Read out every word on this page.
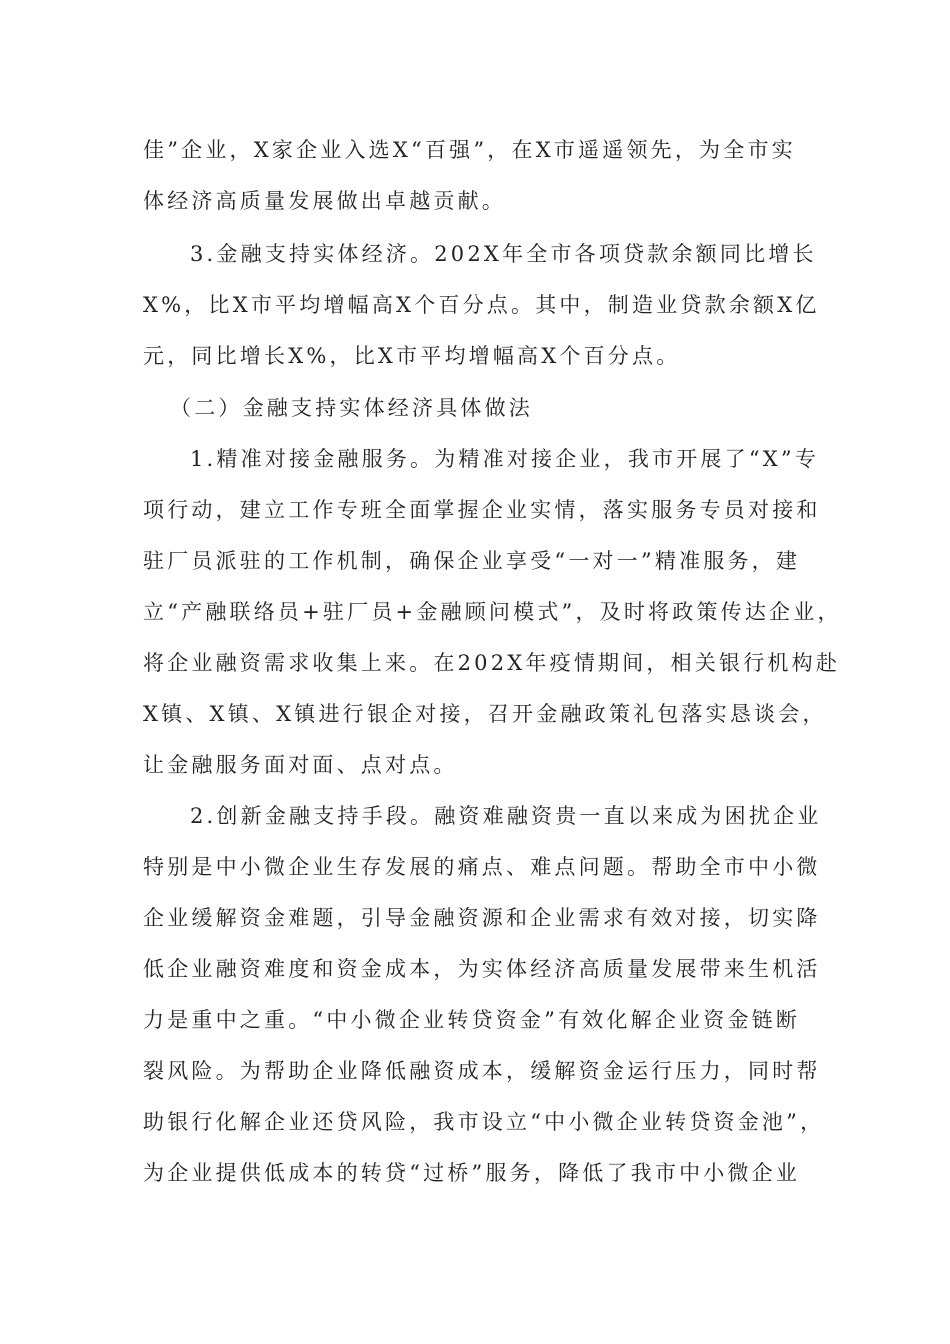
佳”企业，X家企业入选X“百强”，在X市遥遥领先，为全市实
体经济高质量发展做出卓越贡献。
3.金融支持实体经济。202X年全市各项贷款余额同比增长
X%，比X市平均增幅高X个百分点。其中，制造业贷款余额X亿
元，同比增长X%，比X市平均增幅高X个百分点。
（二）金融支持实体经济具体做法
1.精准对接金融服务。为精准对接企业，我市开展了“X”专
项行动，建立工作专班全面掌握企业实情，落实服务专员对接和
驻厂员派驻的工作机制，确保企业享受“一对一”精准服务，建
立“产融联络员+驻厂员+金融顾问模式”，及时将政策传达企业，
将企业融资需求收集上来。在202X年疫情期间，相关银行机构赴
X镇、X镇、X镇进行银企对接，召开金融政策礼包落实恳谈会，
让金融服务面对面、点对点。
2.创新金融支持手段。融资难融资贵一直以来成为困扰企业
特别是中小微企业生存发展的痛点、难点问题。帮助全市中小微
企业缓解资金难题，引导金融资源和企业需求有效对接，切实降
低企业融资难度和资金成本，为实体经济高质量发展带来生机活
力是重中之重。“中小微企业转贷资金”有效化解企业资金链断
裂风险。为帮助企业降低融资成本，缓解资金运行压力，同时帮
助银行化解企业还贷风险，我市设立“中小微企业转贷资金池”，
为企业提供低成本的转贷“过桥”服务，降低了我市中小微企业
